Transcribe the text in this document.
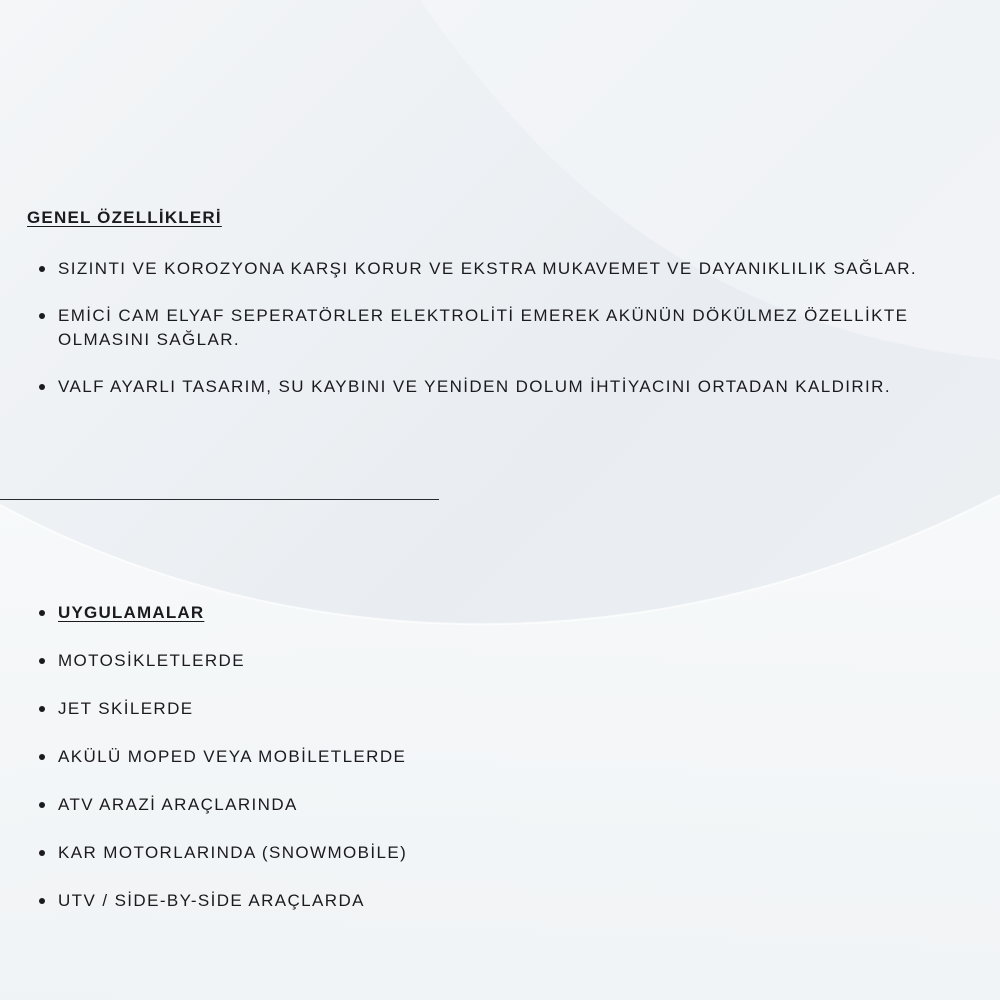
GENEL ÖZELLİKLERİ
SIZINTI VE KOROZYONA KARŞI KORUR VE EKSTRA MUKAVEMET VE DAYANIKLILIK SAĞLAR.
EMİCİ CAM ELYAF SEPERATÖRLER ELEKTROLİTİ EMEREK AKÜNÜN DÖKÜLMEZ ÖZELLİKTE OLMASINI SAĞLAR.
VALF AYARLI TASARIM, SU KAYBINI VE YENİDEN DOLUM İHTİYACINI ORTADAN KALDIRIR.
UYGULAMALAR
MOTOSİKLETLERDE
JET SKİLERDE
AKÜLÜ MOPED VEYA MOBİLETLERDE
ATV ARAZİ ARAÇLARINDA
KAR MOTORLARINDA (SNOWMOBİLE)
UTV / SİDE-BY-SİDE ARAÇLARDA
